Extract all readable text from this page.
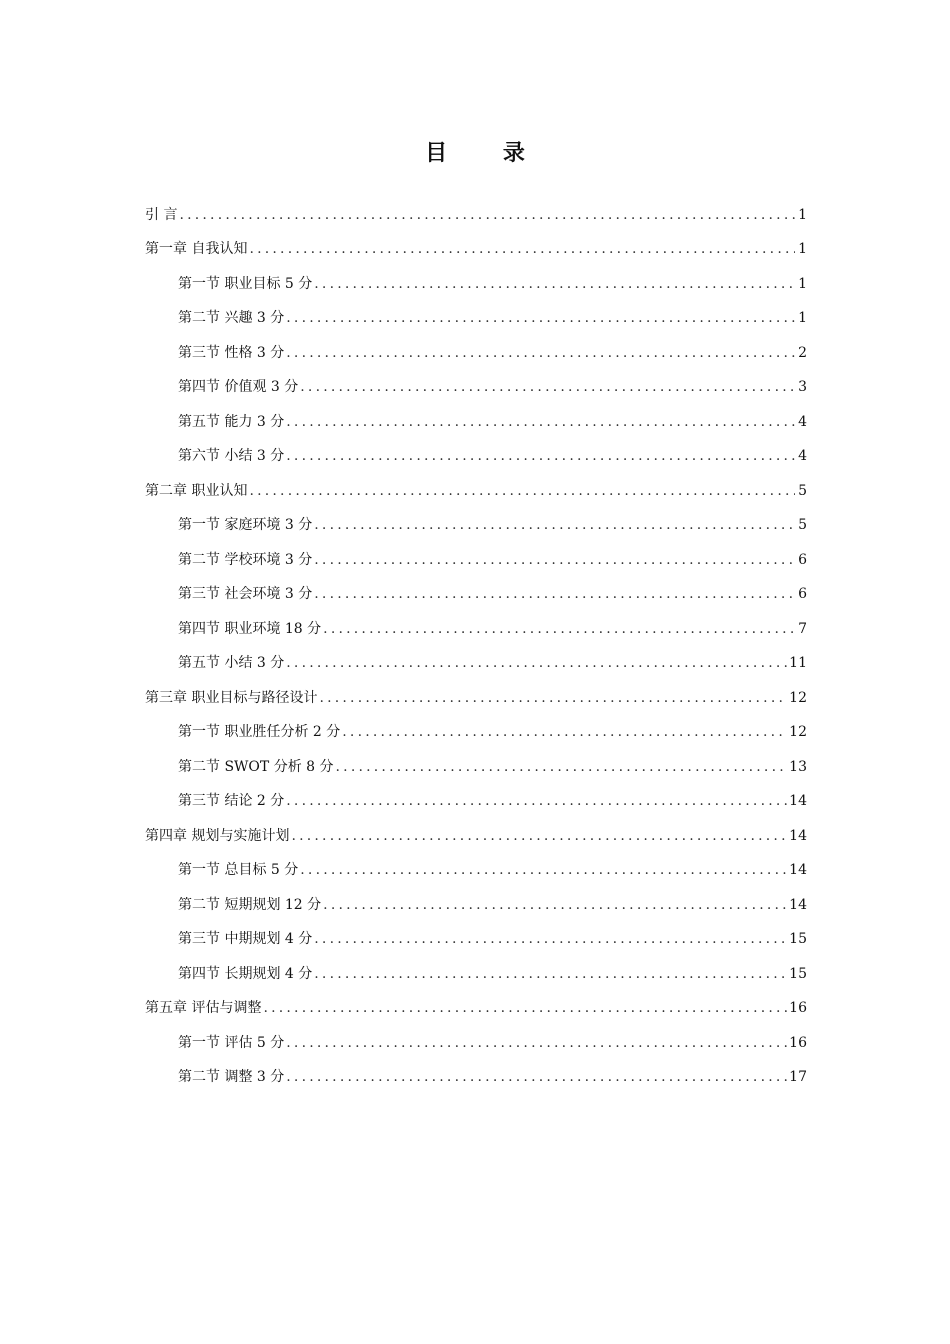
目 录
引 言 .....	1
第一章 自我认知 .....	1
第一节 职业目标 5 分 .....	1
第二节 兴趣 3 分 .....	1
第三节 性格 3 分 .....	2
第四节 价值观 3 分 .....	3
第五节 能力 3 分 .....	4
第六节 小结 3 分 .....	4
第二章 职业认知 .....	5
第一节 家庭环境 3 分 .....	5
第二节 学校环境 3 分 .....	6
第三节 社会环境 3 分 .....	6
第四节 职业环境 18 分 .....	7
第五节 小结 3 分 .....	11
第三章 职业目标与路径设计 .....	12
第一节 职业胜任分析 2 分 .....	12
第二节 SWOT 分析 8 分 .....	13
第三节 结论 2 分 .....	14
第四章 规划与实施计划 .....	14
第一节 总目标 5 分 .....	14
第二节 短期规划 12 分 .....	14
第三节 中期规划 4 分 .....	15
第四节 长期规划 4 分 .....	15
第五章 评估与调整 .....	16
第一节 评估 5 分 .....	16
第二节 调整 3 分 .....	17
